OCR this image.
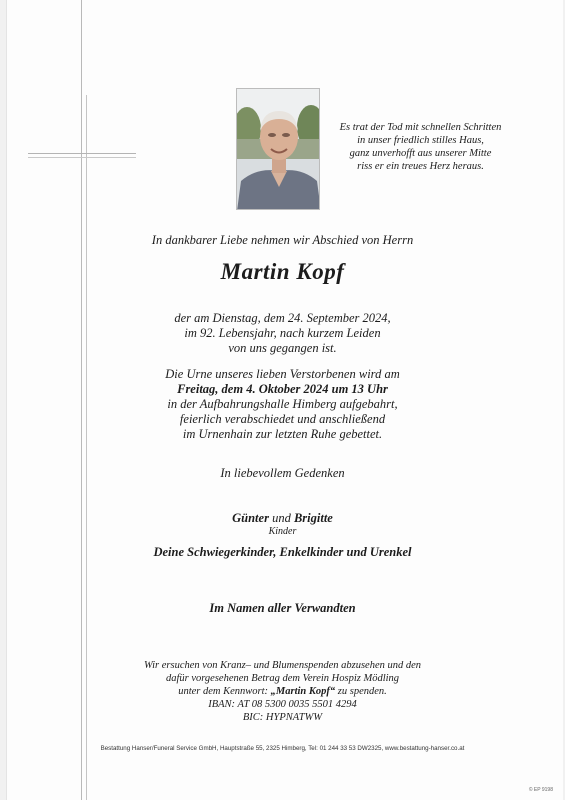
Es trat der Tod mit schnellen Schritten
in unser friedlich stilles Haus,
ganz unverhofft aus unserer Mitte
riss er ein treues Herz heraus.
In dankbarer Liebe nehmen wir Abschied von Herrn
Martin Kopf
der am Dienstag, dem 24. September 2024,
im 92. Lebensjahr, nach kurzem Leiden
von uns gegangen ist.
Die Urne unseres lieben Verstorbenen wird am
Freitag, dem 4. Oktober 2024 um 13 Uhr
in der Aufbahrungshalle Himberg aufgebahrt,
feierlich verabschiedet und anschließend
im Urnenhain zur letzten Ruhe gebettet.
In liebevollem Gedenken
Günter und Brigitte
Kinder
Deine Schwiegerkinder, Enkelkinder und Urenkel
Im Namen aller Verwandten
Wir ersuchen von Kranz– und Blumenspenden abzusehen und den
dafür vorgesehenen Betrag dem Verein Hospiz Mödling
unter dem Kennwort: „Martin Kopf“ zu spenden.
IBAN: AT 08 5300 0035 5501 4294
BIC: HYPNATWW
Bestattung Hanser/Funeral Service GmbH, Hauptstraße 55, 2325 Himberg, Tel: 01 244 33 53 DW2325, www.bestattung-hanser.co.at
© EP 9198
